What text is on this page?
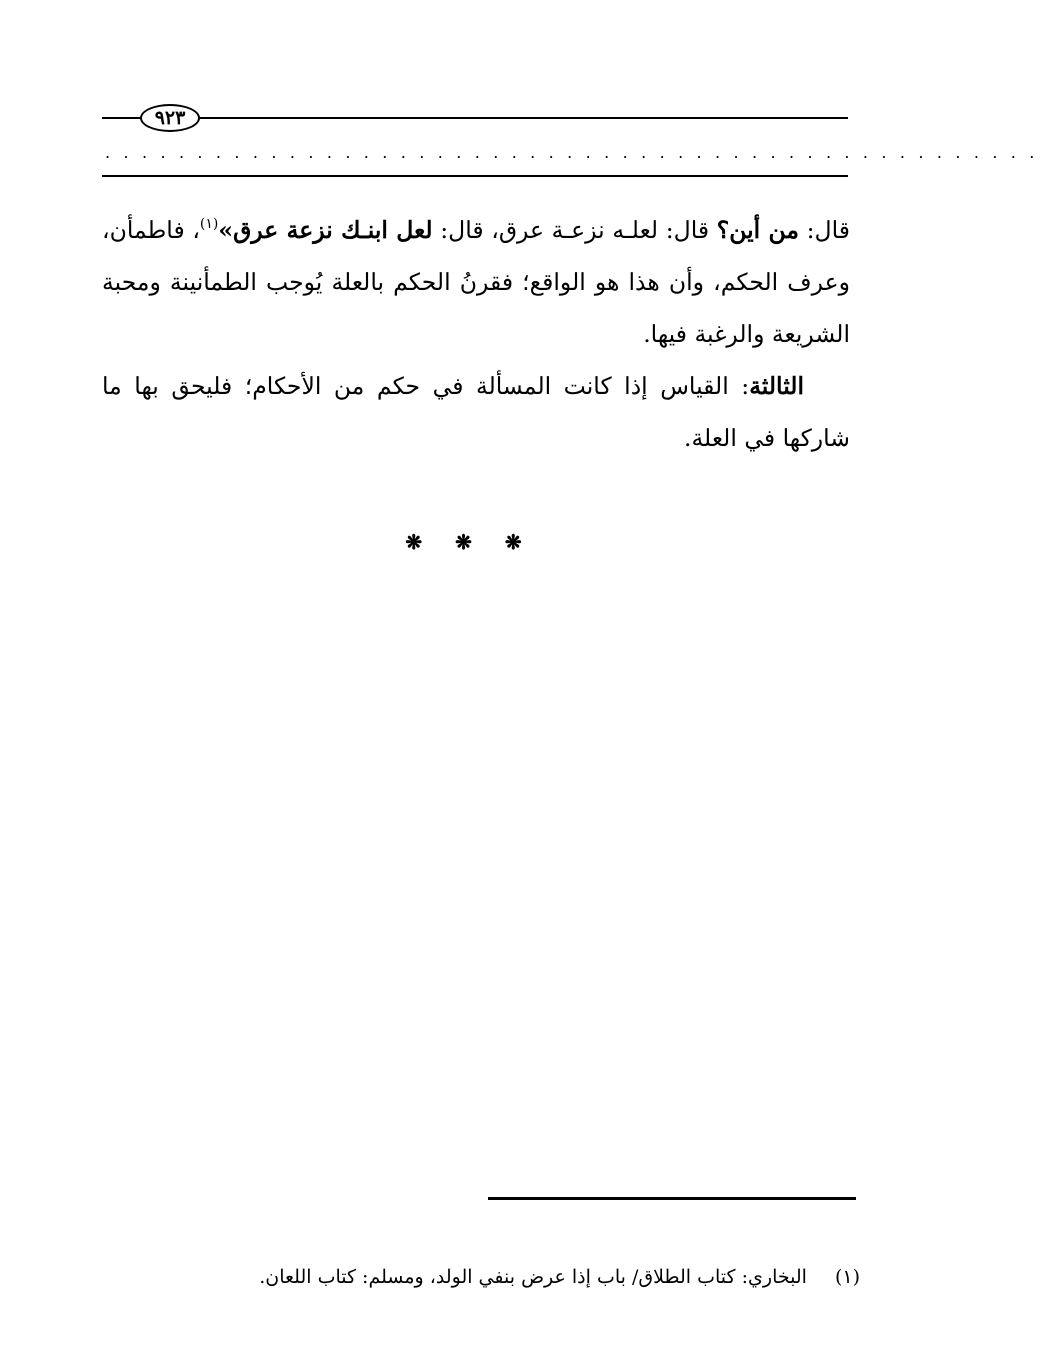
٩٢٣
...................................................

قال: من أين؟ قال: لعلـه نزعـة عرق، قال: لعل ابنـك نزعة عرق»$^{(١)}$، فاطمأن، وعرف الحكم، وأن هذا هو الواقع؛ فقرنُ الحكم بالعلة يُوجب الطمأنينة ومحبة الشريعة والرغبة فيها.

الثالثة: القياس إذا كانت المسألة في حكم من الأحكام؛ فليحق بها ما شاركها في العلة.

❋ ❋ ❋
(١)البخاري: كتاب الطلاق/ باب إذا عرض بنفي الولد، ومسلم: كتاب اللعان.
